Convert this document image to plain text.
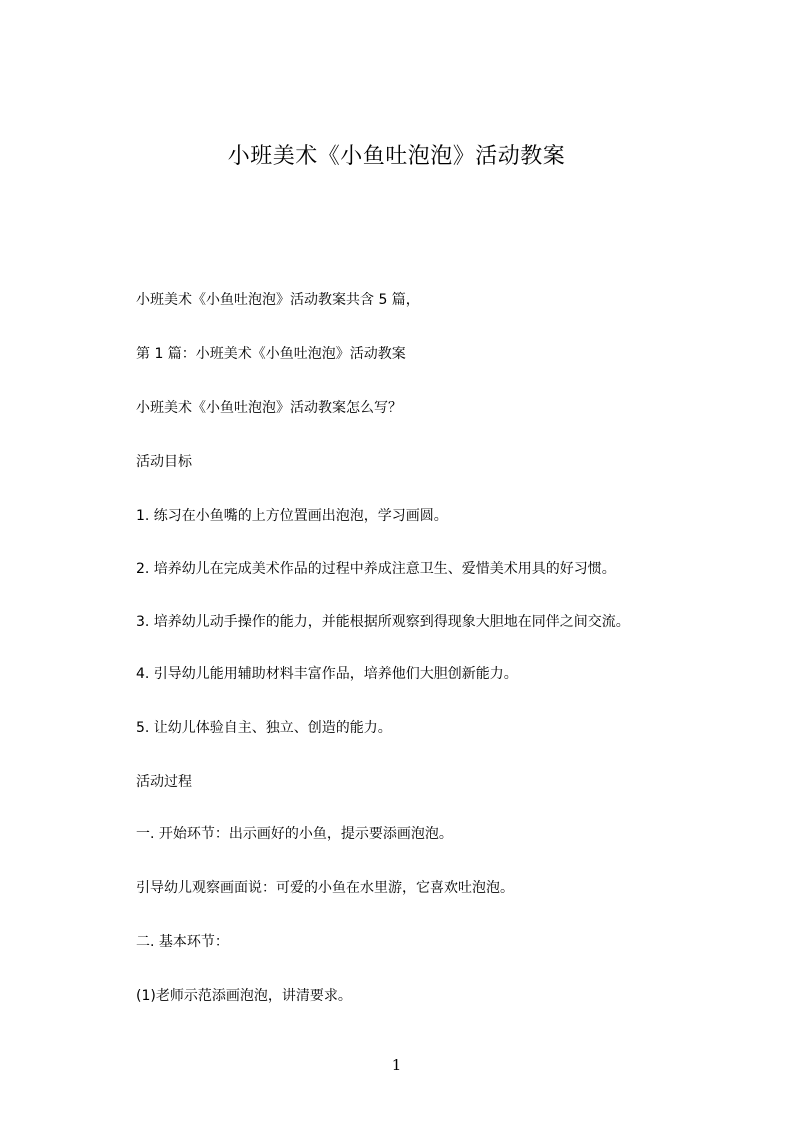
小班美术《小鱼吐泡泡》活动教案
小班美术《小鱼吐泡泡》活动教案共含 5 篇，
第 1 篇：小班美术《小鱼吐泡泡》活动教案
小班美术《小鱼吐泡泡》活动教案怎么写？
活动目标
1. 练习在小鱼嘴的上方位置画出泡泡，学习画圆。
2. 培养幼儿在完成美术作品的过程中养成注意卫生、爱惜美术用具的好习惯。
3. 培养幼儿动手操作的能力，并能根据所观察到得现象大胆地在同伴之间交流。
4. 引导幼儿能用辅助材料丰富作品，培养他们大胆创新能力。
5. 让幼儿体验自主、独立、创造的能力。
活动过程
一. 开始环节：出示画好的小鱼，提示要添画泡泡。
引导幼儿观察画面说：可爱的小鱼在水里游，它喜欢吐泡泡。
二. 基本环节：
(1)老师示范添画泡泡，讲清要求。
1
